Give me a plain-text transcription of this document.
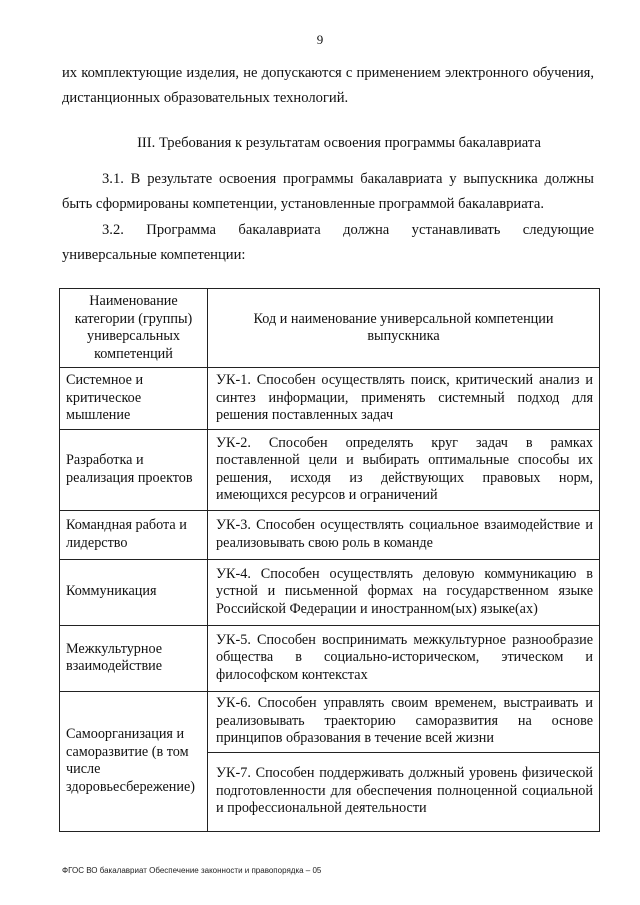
9

их комплектующие изделия, не допускаются с применением электронного обучения, дистанционных образовательных технологий.

III. Требования к результатам освоения программы бакалавриата

3.1. В результате освоения программы бакалавриата у выпускника должны быть сформированы компетенции, установленные программой бакалавриата.

3.2. Программа бакалавриата должна устанавливать следующие универсальные компетенции:

Наименование категории (группы) универсальных компетенций	Код и наименование универсальной компетенции выпускника
Системное и критическое мышление	УК-1. Способен осуществлять поиск, критический анализ и синтез информации, применять системный подход для решения поставленных задач
Разработка и реализация проектов	УК-2. Способен определять круг задач в рамках поставленной цели и выбирать оптимальные способы их решения, исходя из действующих правовых норм, имеющихся ресурсов и ограничений
Командная работа и лидерство	УК-3. Способен осуществлять социальное взаимодействие и реализовывать свою роль в команде
Коммуникация	УК-4. Способен осуществлять деловую коммуникацию в устной и письменной формах на государственном языке Российской Федерации и иностранном(ых) языке(ах)
Межкультурное взаимодействие	УК-5. Способен воспринимать межкультурное разнообразие общества в социально-историческом, этическом и философском контекстах
Самоорганизация и саморазвитие (в том числе здоровьесбережение)	УК-6. Способен управлять своим временем, выстраивать и реализовывать траекторию саморазвития на основе принципов образования в течение всей жизни
	УК-7. Способен поддерживать должный уровень физической подготовленности для обеспечения полноценной социальной и профессиональной деятельности
ФГОС ВО бакалавриат Обеспечение законности и правопорядка – 05
